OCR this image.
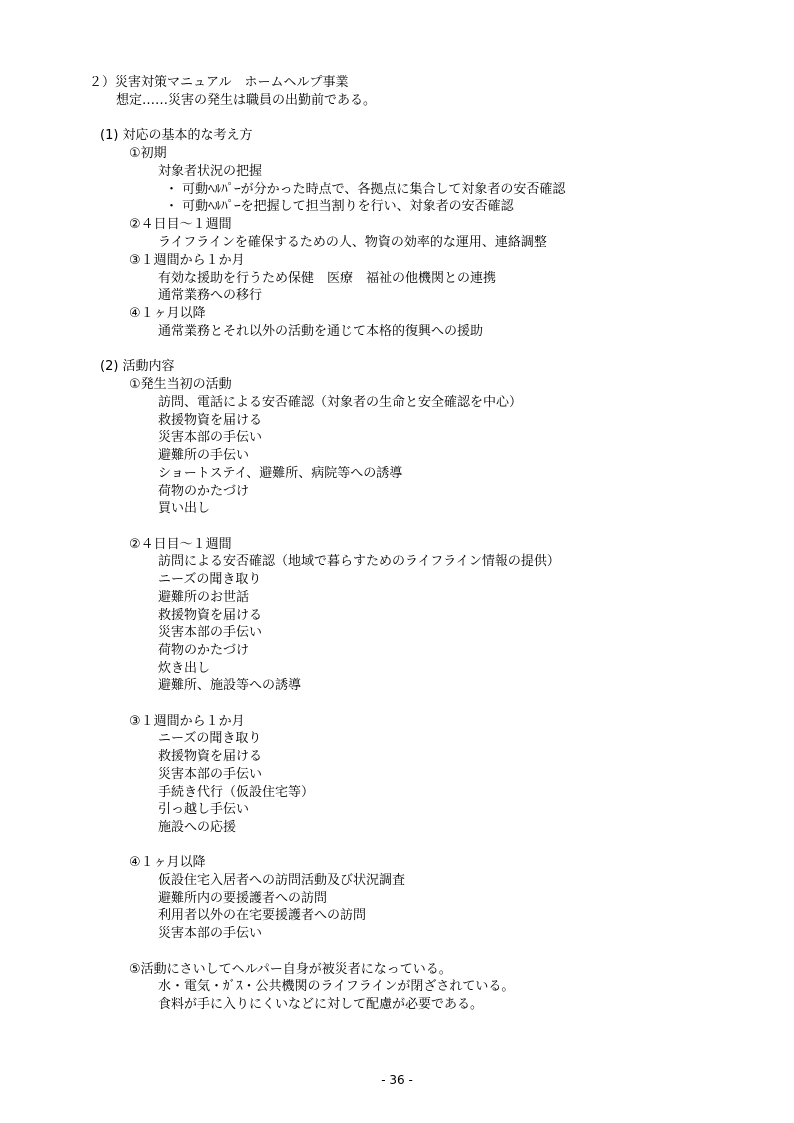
２）災害対策マニュアル　ホームヘルプ事業
想定……災害の発生は職員の出勤前である。
(1) 対応の基本的な考え方
①初期
対象者状況の把握
・ 可動ﾍﾙﾊﾟｰが分かった時点で、各拠点に集合して対象者の安否確認
・ 可動ﾍﾙﾊﾟｰを把握して担当割りを行い、対象者の安否確認
②４日目～１週間
ライフラインを確保するための人、物資の効率的な運用、連絡調整
③１週間から１か月
有効な援助を行うため保健　医療　福祉の他機関との連携
通常業務への移行
④１ヶ月以降
通常業務とそれ以外の活動を通じて本格的復興への援助
(2) 活動内容
①発生当初の活動
訪問、電話による安否確認（対象者の生命と安全確認を中心）
救援物資を届ける
災害本部の手伝い
避難所の手伝い
ショートステイ、避難所、病院等への誘導
荷物のかたづけ
買い出し
②４日目～１週間
訪問による安否確認（地域で暮らすためのライフライン情報の提供）
ニーズの聞き取り
避難所のお世話
救援物資を届ける
災害本部の手伝い
荷物のかたづけ
炊き出し
避難所、施設等への誘導
③１週間から１か月
ニーズの聞き取り
救援物資を届ける
災害本部の手伝い
手続き代行（仮設住宅等）
引っ越し手伝い
施設への応援
④１ヶ月以降
仮設住宅入居者への訪問活動及び状況調査
避難所内の要援護者への訪問
利用者以外の在宅要援護者への訪問
災害本部の手伝い
⑤活動にさいしてヘルパー自身が被災者になっている。
水・電気・ｶﾞｽ・公共機関のライフラインが閉ざされている。
食料が手に入りにくいなどに対して配慮が必要である。
- 36 -
